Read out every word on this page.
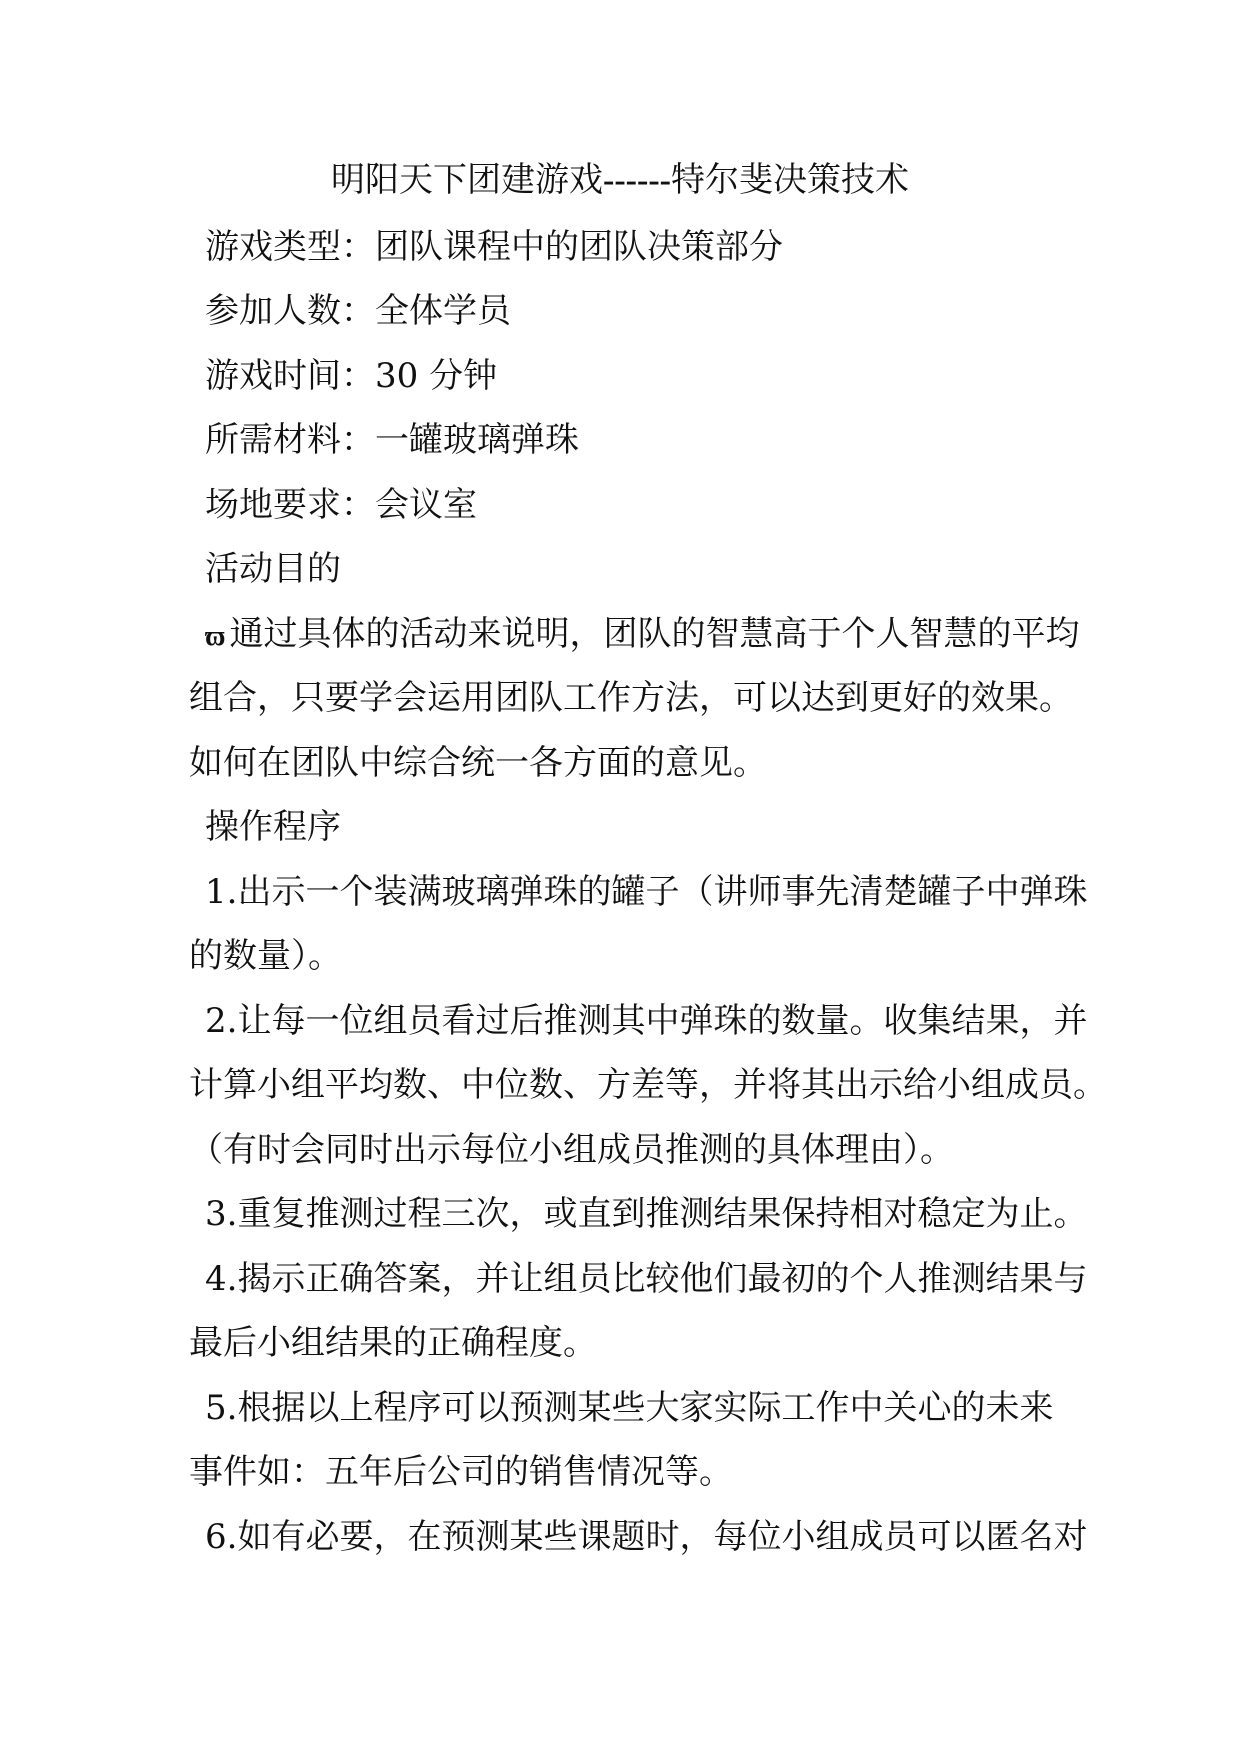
明阳天下团建游戏------特尔斐决策技术
游戏类型：团队课程中的团队决策部分
参加人数：全体学员
游戏时间：30 分钟
所需材料：一罐玻璃弹珠
场地要求：会议室
活动目的
ϖ 通过具体的活动来说明，团队的智慧高于个人智慧的平均
组合，只要学会运用团队工作方法，可以达到更好的效果。
如何在团队中综合统一各方面的意见。
操作程序
1.出示一个装满玻璃弹珠的罐子（讲师事先清楚罐子中弹珠
的数量）。
2.让每一位组员看过后推测其中弹珠的数量。收集结果，并
计算小组平均数、中位数、方差等，并将其出示给小组成员。
（有时会同时出示每位小组成员推测的具体理由）。
3.重复推测过程三次，或直到推测结果保持相对稳定为止。
4.揭示正确答案，并让组员比较他们最初的个人推测结果与
最后小组结果的正确程度。
5.根据以上程序可以预测某些大家实际工作中关心的未来
事件如：五年后公司的销售情况等。
6.如有必要，在预测某些课题时，每位小组成员可以匿名对
